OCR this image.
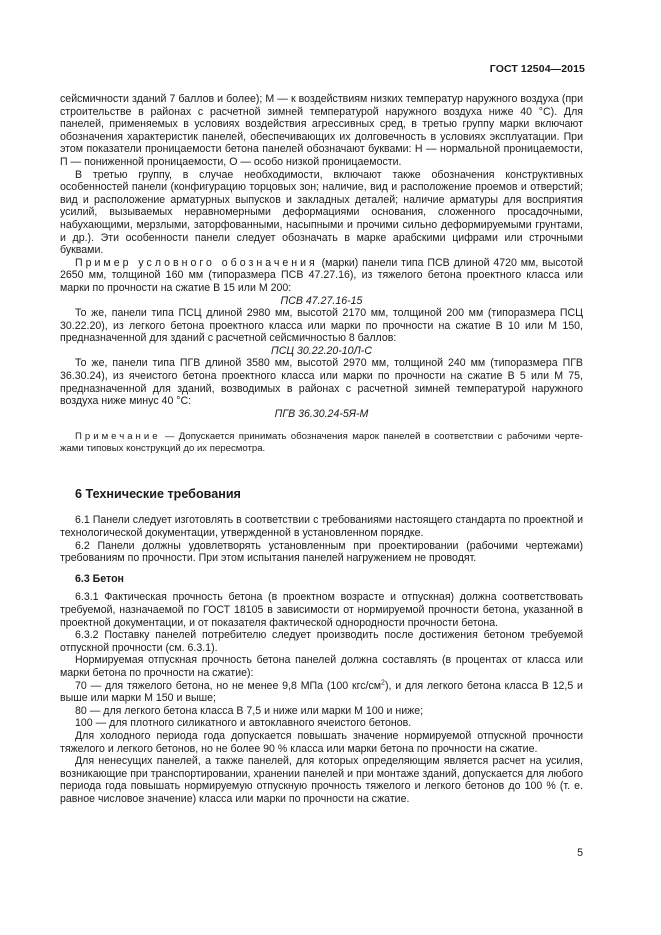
ГОСТ 12504—2015

сейсмичности зданий 7 баллов и более); М — к воздействиям низких температур наружного воздуха (при строительстве в районах с расчетной зимней температурой наружного воздуха ниже 40 °С). Для панелей, применяемых в условиях воздействия агрессивных сред, в третью группу марки включают обозначения характеристик панелей, обеспечивающих их долговечность в условиях эксплуатации. При этом показатели проницаемости бетона панелей обозначают буквами: Н — нормальной проницаемости, П — пониженной проницаемости, О — особо низкой проницаемости.

В третью группу, в случае необходимости, включают также обозначения конструктивных особенностей панели (конфигурацию торцовых зон; наличие, вид и расположение проемов и отверстий; вид и расположение арматурных выпусков и закладных деталей; наличие арматуры для восприятия усилий, вызываемых неравномерными деформациями основания, сложенного просадочными, набухающими, мерзлыми, заторфованными, насыпными и прочими сильно деформируемыми грунтами, и др.). Эти особенности панели следует обозначать в марке арабскими цифрами или строчными буквами.

Пример условного обозначения (марки) панели типа ПСВ длиной 4720 мм, высотой 2650 мм, толщиной 160 мм (типоразмера ПСВ 47.27.16), из тяжелого бетона проектного класса или марки по прочности на сжатие В 15 или М 200:

ПСВ 47.27.16-15

То же, панели типа ПСЦ длиной 2980 мм, высотой 2170 мм, толщиной 200 мм (типоразмера ПСЦ 30.22.20), из легкого бетона проектного класса или марки по прочности на сжатие В 10 или М 150, предназначенной для зданий с расчетной сейсмичностью 8 баллов:

ПСЦ 30.22.20-10Л-С

То же, панели типа ПГВ длиной 3580 мм, высотой 2970 мм, толщиной 240 мм (типоразмера ПГВ 36.30.24), из ячеистого бетона проектного класса или марки по прочности на сжатие В 5 или М 75, предназначенной для зданий, возводимых в районах с расчетной зимней температурой наружного воздуха ниже минус 40 °С:

ПГВ 36.30.24-5Я-М

Примечание — Допускается принимать обозначения марок панелей в соответствии с рабочими черте-жами типовых конструкций до их пересмотра.

6 Технические требования

6.1 Панели следует изготовлять в соответствии с требованиями настоящего стандарта по проектной и технологической документации, утвержденной в установленном порядке.

6.2 Панели должны удовлетворять установленным при проектировании (рабочими чертежами) требованиям по прочности. При этом испытания панелей нагружением не проводят.

6.3 Бетон

6.3.1 Фактическая прочность бетона (в проектном возрасте и отпускная) должна соответствовать требуемой, назначаемой по ГОСТ 18105 в зависимости от нормируемой прочности бетона, указанной в проектной документации, и от показателя фактической однородности прочности бетона.

6.3.2 Поставку панелей потребителю следует производить после достижения бетоном требуемой отпускной прочности (см. 6.3.1).

Нормируемая отпускная прочность бетона панелей должна составлять (в процентах от класса или марки бетона по прочности на сжатие):

70 — для тяжелого бетона, но не менее 9,8 МПа (100 кгс/$см^2$), и для легкого бетона класса В 12,5 и выше или марки М 150 и выше;

80 — для легкого бетона класса В 7,5 и ниже или марки М 100 и ниже;

100 — для плотного силикатного и автоклавного ячеистого бетонов.

Для холодного периода года допускается повышать значение нормируемой отпускной прочности тяжелого и легкого бетонов, но не более 90 % класса или марки бетона по прочности на сжатие.

Для ненесущих панелей, а также панелей, для которых определяющим является расчет на усилия, возникающие при транспортировании, хранении панелей и при монтаже зданий, допускается для любого периода года повышать нормируемую отпускную прочность тяжелого и легкого бетонов до 100 % (т. е. равное числовое значение) класса или марки по прочности на сжатие.

5
